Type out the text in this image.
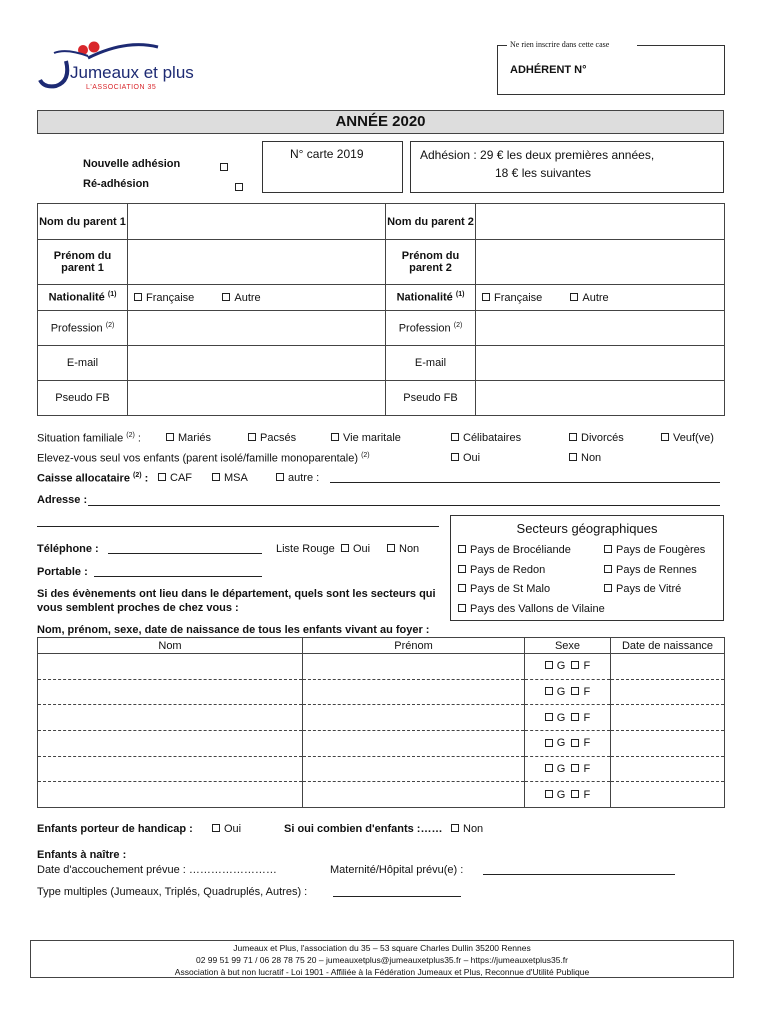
Jumeaux et plus
L'ASSOCIATION 35
Ne rien inscrire dans cette case
ADHÉRENT N°
ANNÉE 2020
Nouvelle adhésion

Ré-adhésion
N° carte 2019	Adhésion : 29 € les deux premières années,
18 € les suivantes
Nom du parent 1		Nom du parent 2	
Prénom du parent 1		Prénom du parent 2	
Nationalité $^{(1)}$	Française Autre	Nationalité $^{(1)}$	Française Autre
Profession $^{(2)}$		Profession $^{(2)}$	
E-mail		E-mail	
Pseudo FB		Pseudo FB	
Situation familiale $^{(2)}$ :	Mariés	Pacsés	Vie maritale	Célibataires	Divorcés	Veuf(ve)
Elevez-vous seul vos enfants (parent isolé/famille monoparentale) $^{(2)}$	Oui	Non
Caisse allocataire $^{(2)}$ :	CAF	MSA	autre :
Adresse :
Téléphone :	Liste Rouge	Oui	Non
Portable :
Si des évènements ont lieu dans le département, quels sont les secteurs qui
vous semblent proches de chez vous :
Secteurs géographiques
Pays de Brocéliande	Pays de Fougères
Pays de Redon	Pays de Rennes
Pays de St Malo	Pays de Vitré
Pays des Vallons de Vilaine
Nom, prénom, sexe, date de naissance de tous les enfants vivant au foyer :
Nom	Prénom	Sexe	Date de naissance
		G F	
		G F	
		G F	
		G F	
		G F	
		G F	
Enfants porteur de handicap :	Oui	Si oui combien d'enfants :……	Non
Enfants à naître :
Date d'accouchement prévue : ……………………	Maternité/Hôpital prévu(e) :
Type multiples (Jumeaux, Triplés, Quadruplés, Autres) :
Jumeaux et Plus, l'association du 35 – 53 square Charles Dullin 35200 Rennes
02 99 51 99 71 / 06 28 78 75 20 – jumeauxetplus@jumeauxetplus35.fr – https://jumeauxetplus35.fr
Association à but non lucratif - Loi 1901 - Affiliée à la Fédération Jumeaux et Plus, Reconnue d'Utilité Publique
